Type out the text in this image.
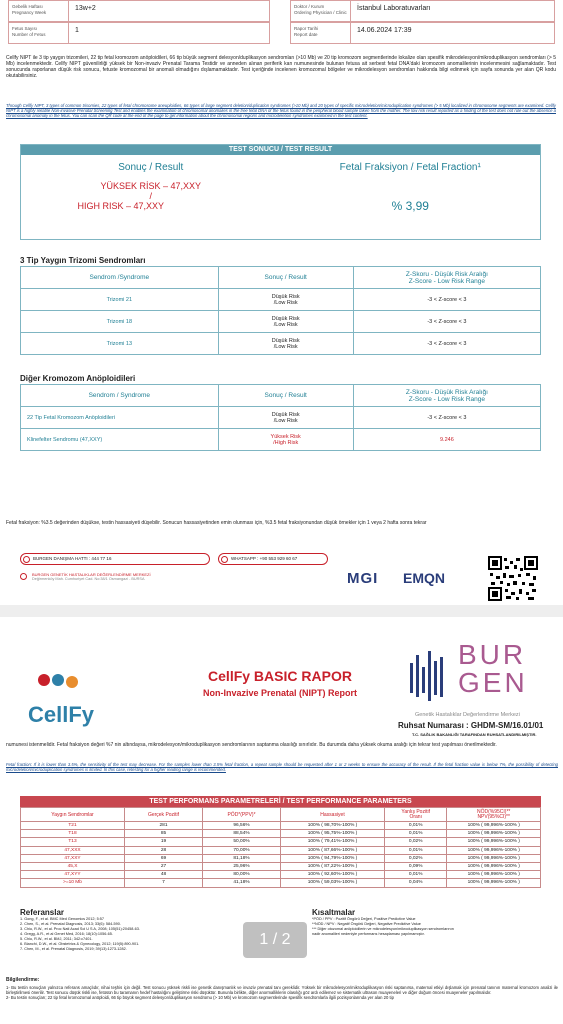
Gebelik Haftası
Pregnancy Week	13w+2	Doktor / Kurum
Ordering Physician / Clinic	İstanbul Laboratuvarları
Fetus Sayısı
Number of Fetus	1	Rapor Tarihi
Report date	14.06.2024 17:39

Cellfy NIPT ile 3 tip yaygın trizomileri, 22 tip fetal kromozom anöploidileri, 66 tip büyük segment delesyon/duplikasyon sendromları (>10 Mb) ve 20 tip kromozom segmentlerinde lokalize olan spesifik mikrodelesyon/mikroduplikasyon sendromları (> 5 Mb) incelenmektedir. Cellfy NIPT güvenilirliği yüksek bir Non-invaziv Prenatal Tarama Testidir ve anneden alınan periferik kan numunesinde bulunan fetusa ait serbest fetal DNA'daki kromozom anomalilerinin incelenmesini sağlamaktadır. Test sonucunda raporlanan düşük risk sonucu, fetuste kromozomal bir anomali olmadığını dışlamamaktadır. Test içeriğinde incelenen kromozomal bölgeler ve mikrodelesyon sendromları hakkında bilgi edinmek için sayfa sonunda yer alan QR kodu okutabilirsiniz.

Through Cellfy NIPT, 3 types of common trisomies, 22 types of fetal chromosome aneuploidies, 66 types of large segment deletion/duplication syndromes (>10 Mb) and 20 types of specific microdeletion/microduplication syndromes (> 5 Mb) localized in chromosome segments are examined. Cellfy NIPT is a highly reliable Non-invasive Prenatal Screening Test and enables the examination of chromosomal anomalies in the free fetal DNA of the fetus found in the peripheral blood sample taken from the mother. The low risk result reported as a finding of the test does not rule out the absence a chromosomal anomaly in the fetus. You can scan the QR code at the end of the page to get information about the chromosomal regions and microdeletion syndromes examined in the test content.

TEST SONUCU / TEST RESULT
Sonuç / Result
YÜKSEK RİSK – 47,XXY
/
HIGH RISK – 47,XXY
Fetal Fraksiyon / Fetal Fraction¹
% 3,99
3 Tip Yaygın Trizomi Sendromları
Sendrom /Syndrome	Sonuç / Result	Z-Skoru - Düşük Risk Aralığı
Z-Score - Low Risk Range
Trizomi 21	Düşük Risk
/Low Risk	-3 < Z-score < 3
Trizomi 18	Düşük Risk
/Low Risk	-3 < Z-score < 3
Trizomi 13	Düşük Risk
/Low Risk	-3 < Z-score < 3
Diğer Kromozom Anöploidileri
Sendrom / Syndrome	Sonuç / Result	Z-Skoru - Düşük Risk Aralığı
Z-Score - Low Risk Range
22 Tip Fetal Kromozom Anöploidileri	Düşük Risk
/Low Risk	-3 < Z-score < 3
Klinefelter Sendromu (47,XXY)	Yüksek Risk
/High Risk	9.246

Fetal fraksiyon: %3.5 değerinden düşükse, testin hassasiyeti düşebilir. Sonucun hassasiyetinden emin olunması için, %3.5 fetal fraksiyonundan düşük örnekler için 1 veya 2 hafta sonra tekrar

BURGEN DANIŞMA HATTI : 444 77 16	WHATSAPP : +90 553 929 60 67
BURGEN GENETİK HASTALIKLAR DEĞERLENDİRME MERKEZİ
Değirmenköy Mah. Cumhuriyet Cad. No:38/1 Osmangazi - BURSA	MGI EMQN
CellFy
CellFy BASIC RAPOR
Non-Invazive Prenatal (NIPT) Report
BUR
GEN
Genetik Hastalıklar Değerlendirme Merkezi
Ruhsat Numarası : GHDM-SM/16.01/01
T.C. SAĞLIK BAKANLIĞI TARAFINDAN RUHSATLANDIRILMIŞTIR.

numunesi istenmelidir. Fetal fraksiyon değeri %7 nin altındaysa, mikrodelesyon/mikroduplikasyon sendromlarının saptanma olasılığı sınırlıdır. Bu durumda daha yüksek okuma aralığı için tekrar test yapılması önerilmektedir.

Fetal fraction: If it is lower than 3.5%, the sensitivity of the test may decrease. For the samples lower than 3.5% fetal fraction, a repeat sample should be requested after 1 or 2 weeks to ensure the accuracy of the result. If the fetal fraction value is below 7%, the possibility of detecting microdeletion/microduplication syndromes is limited. In this case, retesting for a higher reading range is recommended.

TEST PERFORMANS PARAMETRELERİ / TEST PERFORMANCE PARAMETERS
Yaygın Sendromlar	Gerçek Pozitif	PÖD*(PPV)*	Hassasiyet	Yanlış Pozitif
Oranı	NÖD(%95CI)**
NPV(95%CI)**
T21	281	96,56%	100% ( 98,70%-100% )	0,01%	100% ( 99,996%-100% )
T18	85	88,54%	100% ( 95,75%-100% )	0,01%	100% ( 99,996%-100% )
T13	19	50,00%	100% ( 79,41%-100% )	0,02%	100% ( 99,996%-100% )
47,XXX	28	70,00%	100% ( 87,66%-100% )	0,01%	100% ( 99,996%-100% )
47,XXY	69	81,18%	100% ( 94,79%-100% )	0,02%	100% ( 99,996%-100% )
45,X	27	25,96%	100% ( 87,22%-100% )	0,09%	100% ( 99,996%-100% )
47,XYY	48	80,00%	100% ( 92,60%-100% )	0,01%	100% ( 99,996%-100% )
>=10 Mb	7	41,18%	100% ( 59,03%-100% )	0,04%	100% ( 99,996%-100% )
Referanslar
1. Gong, F., et al. BMC Med Genomics 2012; 5:57
2. Chen, S., et al. Prenatal Diagnosis, 2013; 33(6): 584-590.
3. Chiu, R.W., et al. Proc Natl Acad Sci U S A, 2008; 105(51):20458-63.
4. Gregg, A.R., et al Genet Med, 2016; 18(10):1056-65.
5. Chiu, R.W., et al. BMJ, 2011; 342:c7401.
6. Bianchi, D.W., et al. Obstetrics & Gynecology, 2012; 119(5):890-901.
7. Chen, M., et al. Prenatal Diagnosis, 2019; 39(13):1273-1282.
Kısaltmalar
*PÖD / PPV : Pozitif Öngörü Değeri, Positive Predictive Value
**NÖD / NPV : Negatif Öngörü Değeri, Negative Predictive Value
*** Diğer otozomal anöploidilerin ve mikrodelesyon/mikroduplikasyon sendromlarının
nadir anomalileri nedeniyle performans hesaplaması yapılmamıştır.
1 / 2
Bilgilendirme:

1- Bu testin sonuçları yalnızca referans amaçlıdır, nihai teşhis için değil. Test sonucu yüksek riskli ise genetik danışmanlık ve invaziv prenatal tanı gereklidir. Yüksek bir mikrodelesyon/mikroduplikasyon riski saptanırsa, maternal etkiyi dışlamak için prenatal tanının maternal kromozom analizi ile birleştirilmesi önerilir. Test sonucu düşük riskli ise, fetüsün bu taramanın hedef hastalığını geliştirme riski düşüktür. Bununla birlikte, diğer anormalliklerin olasılığı göz ardı edilemez ve sistematik ultrason muayeneleri ve diğer doğum öncesi muayeneler yapılmalıdır.

2- Bu testin sonuçları; 22 tip fetal kromozomal anöploidi, 66 tip büyük segment delesyon/duplikasyon sendromu (> 10 Mb) ve kromozom segmentlerinde spesifik sendromlarla ilgili pozisyonlarında yer alan 20 tip
